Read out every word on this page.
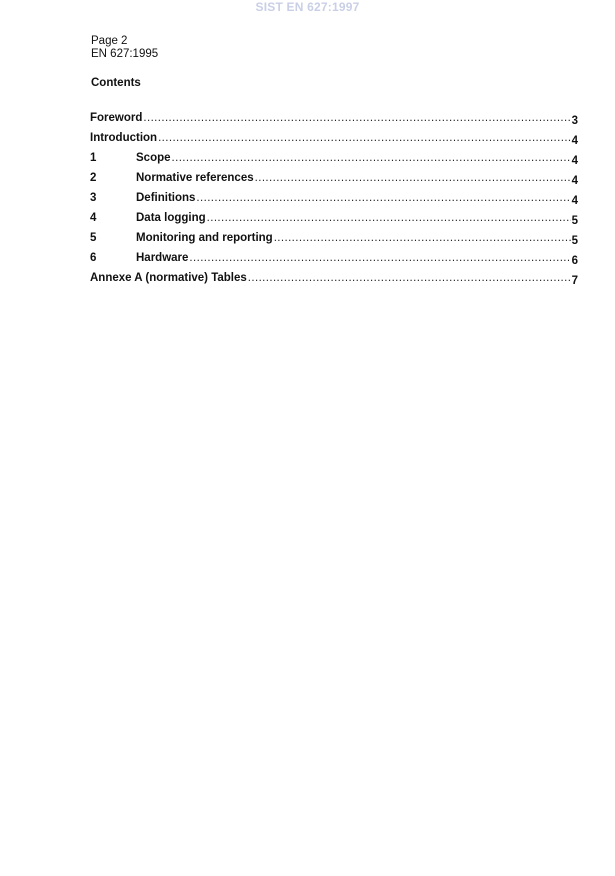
SIST EN 627:1997
Page 2
EN 627:1995
Contents
Foreword .....	3
Introduction .....	4
1	Scope .....	4
2	Normative references .....	4
3	Definitions .....	4
4	Data logging .....	5
5	Monitoring and reporting .....	5
6	Hardware .....	6
Annexe A (normative) Tables .....	7
